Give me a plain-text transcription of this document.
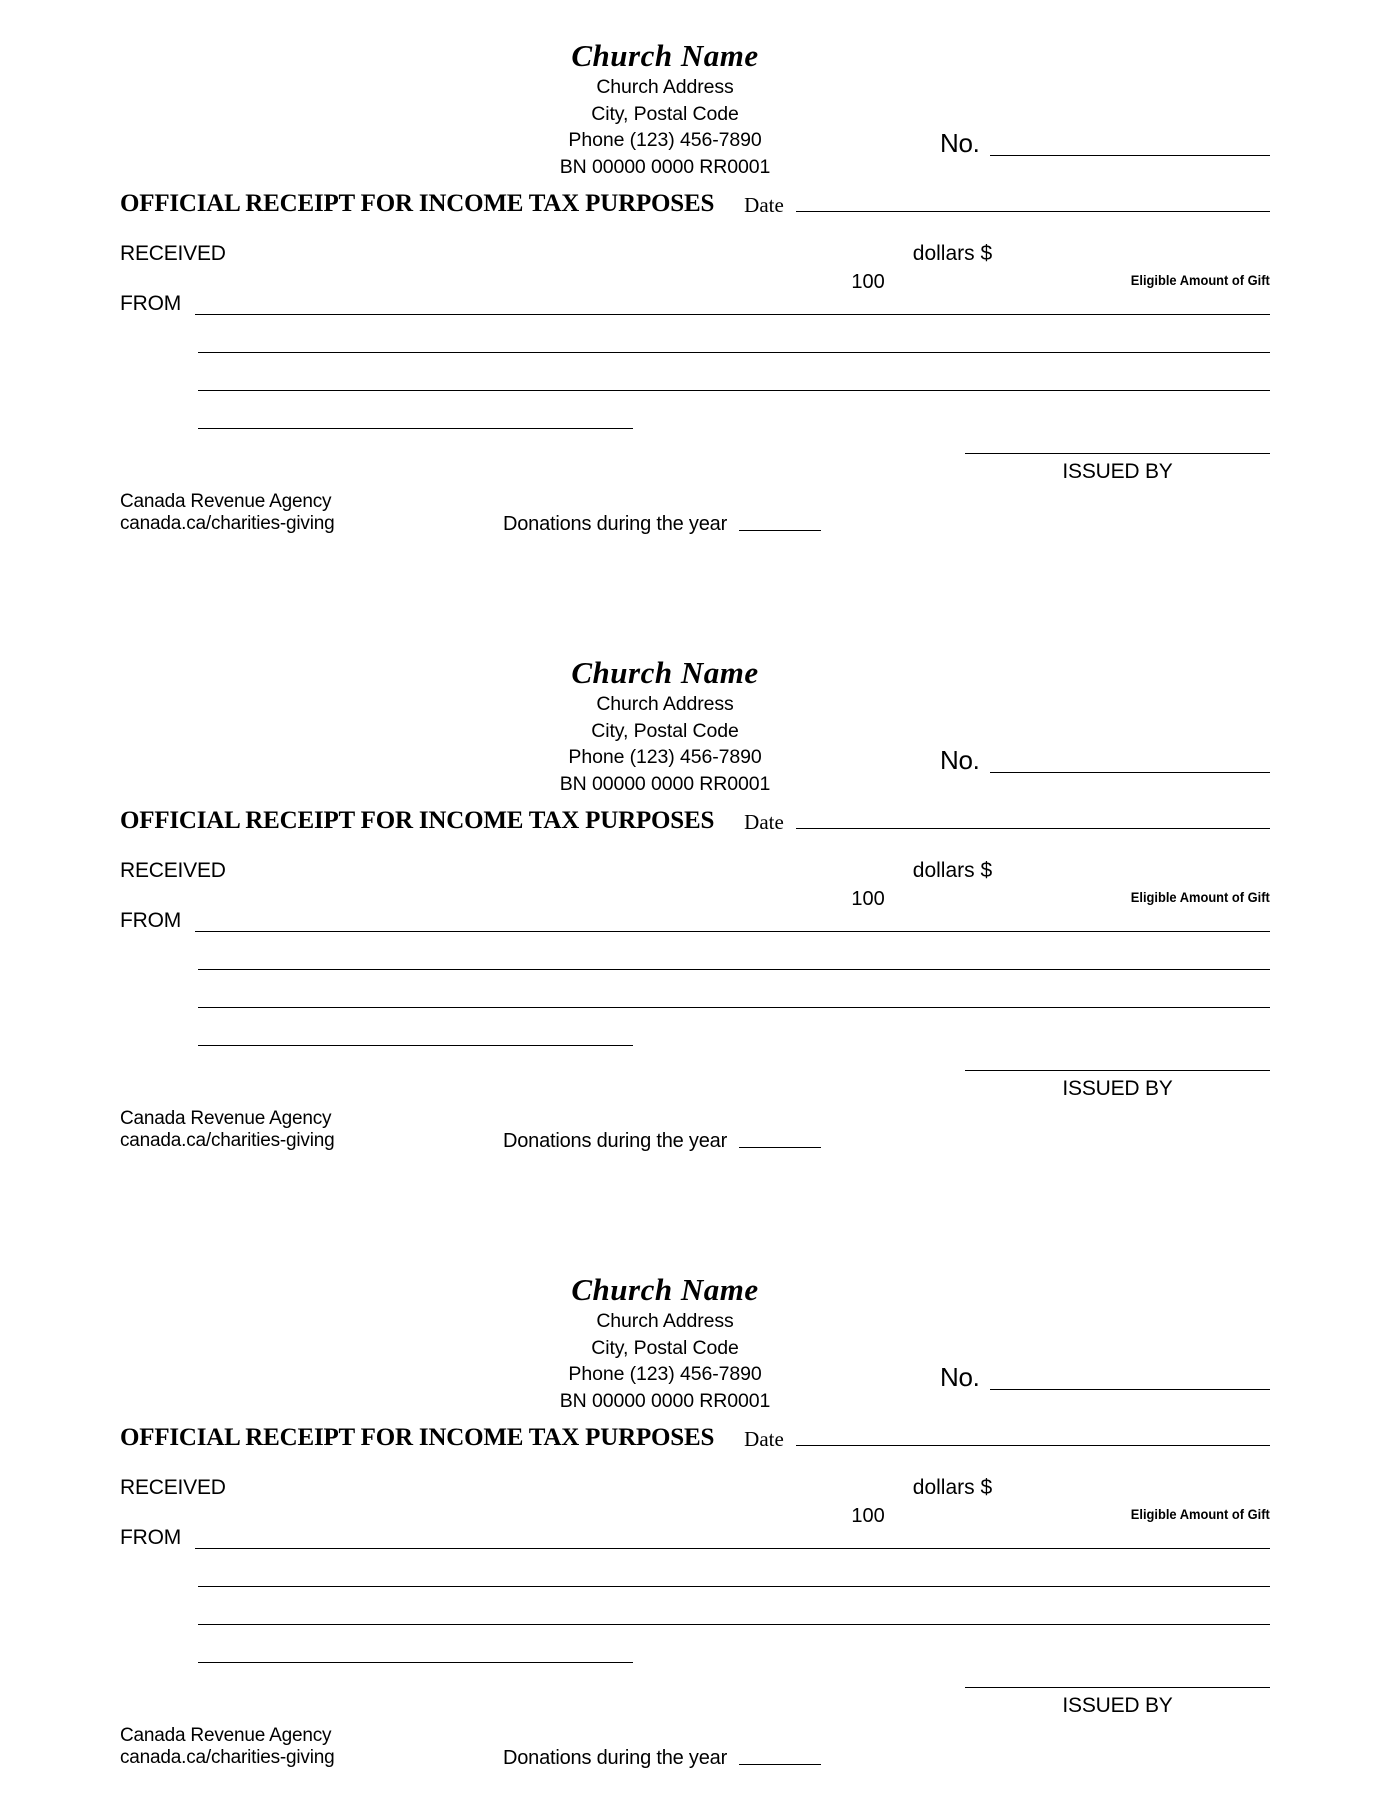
Church Name
Church Address
City, Postal Code
Phone (123) 456-7890
BN 00000 0000 RR0001
No.
OFFICIAL RECEIPT FOR INCOME TAX PURPOSES	Date
RECEIVED
100
dollars $
Eligible Amount of Gift
FROM
ISSUED BY
Canada Revenue Agency
canada.ca/charities-giving	Donations during the year
Church Name
Church Address
City, Postal Code
Phone (123) 456-7890
BN 00000 0000 RR0001
No.
OFFICIAL RECEIPT FOR INCOME TAX PURPOSES	Date
RECEIVED
100
dollars $
Eligible Amount of Gift
FROM
ISSUED BY
Canada Revenue Agency
canada.ca/charities-giving	Donations during the year
Church Name
Church Address
City, Postal Code
Phone (123) 456-7890
BN 00000 0000 RR0001
No.
OFFICIAL RECEIPT FOR INCOME TAX PURPOSES	Date
RECEIVED
100
dollars $
Eligible Amount of Gift
FROM
ISSUED BY
Canada Revenue Agency
canada.ca/charities-giving	Donations during the year
